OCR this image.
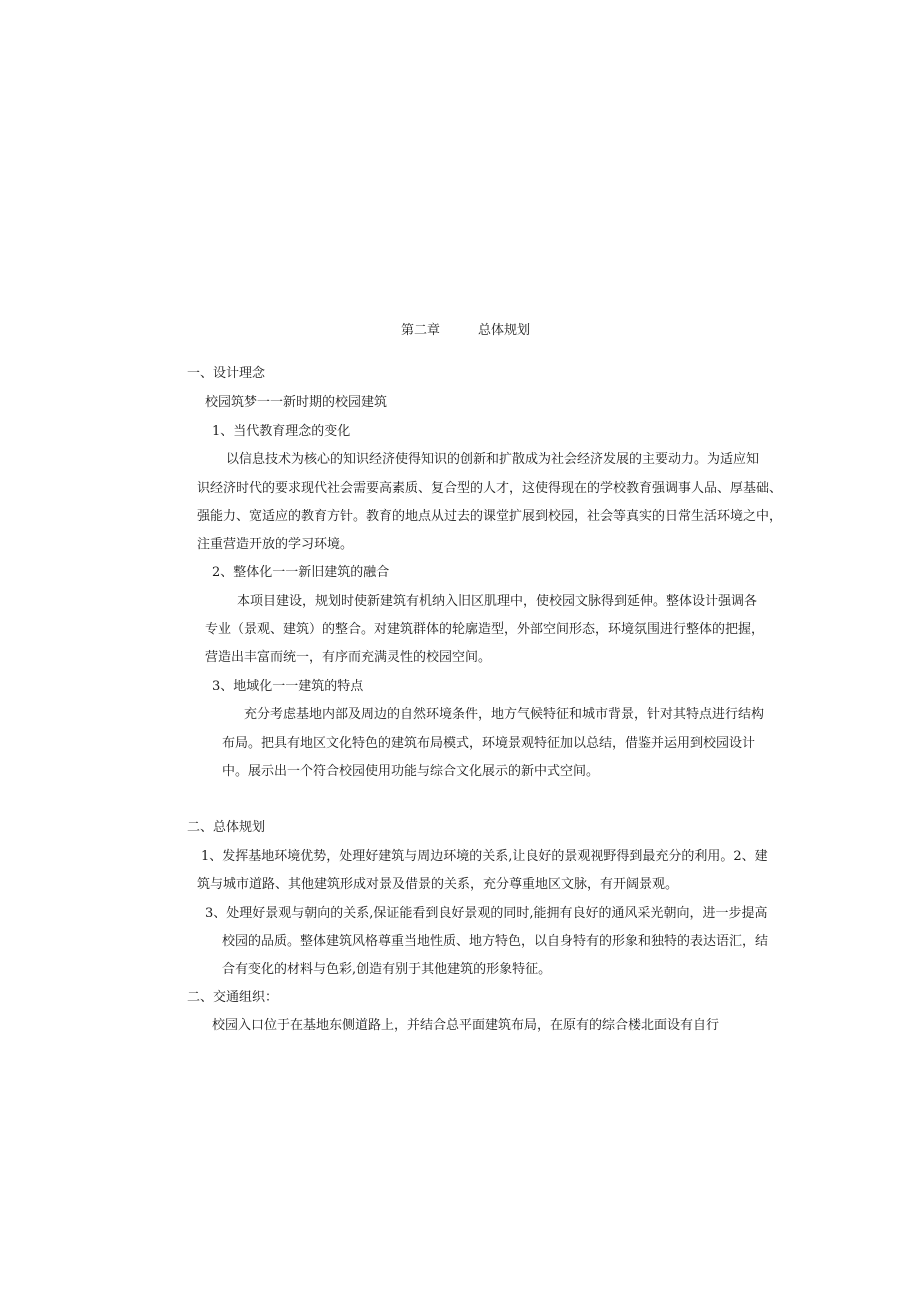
第二章	总体规划
一、设计理念
校园筑梦一一新时期的校园建筑
1、当代教育理念的变化
以信息技术为核心的知识经济使得知识的创新和扩散成为社会经济发展的主要动力。为适应知
识经济时代的要求现代社会需要高素质、复合型的人才，这使得现在的学校教育强调事人品、厚基础、
强能力、宽适应的教育方针。教育的地点从过去的课堂扩展到校园，社会等真实的日常生活环境之中，
注重营造开放的学习环境。
2、整体化一一新旧建筑的融合
本项目建设，规划时使新建筑有机纳入旧区肌理中，使校园文脉得到延伸。整体设计强调各
专业（景观、建筑）的整合。对建筑群体的轮廓造型，外部空间形态，环境氛围进行整体的把握，
营造出丰富而统一，有序而充满灵性的校园空间。
3、地域化一一建筑的特点
充分考虑基地内部及周边的自然环境条件，地方气候特征和城市背景，针对其特点进行结构
布局。把具有地区文化特色的建筑布局模式，环境景观特征加以总结，借鉴并运用到校园设计
中。展示出一个符合校园使用功能与综合文化展示的新中式空间。
二、总体规划
1、发挥基地环境优势，处理好建筑与周边环境的关系,让良好的景观视野得到最充分的利用。2、建
筑与城市道路、其他建筑形成对景及借景的关系，充分尊重地区文脉，有开阔景观。
3、处理好景观与朝向的关系,保证能看到良好景观的同时,能拥有良好的通风采光朝向，进一步提高
校园的品质。整体建筑风格尊重当地性质、地方特色，以自身特有的形象和独特的表达语汇，结
合有变化的材料与色彩,创造有别于其他建筑的形象特征。
二、交通组织：
校园入口位于在基地东侧道路上，并结合总平面建筑布局，在原有的综合楼北面设有自行
